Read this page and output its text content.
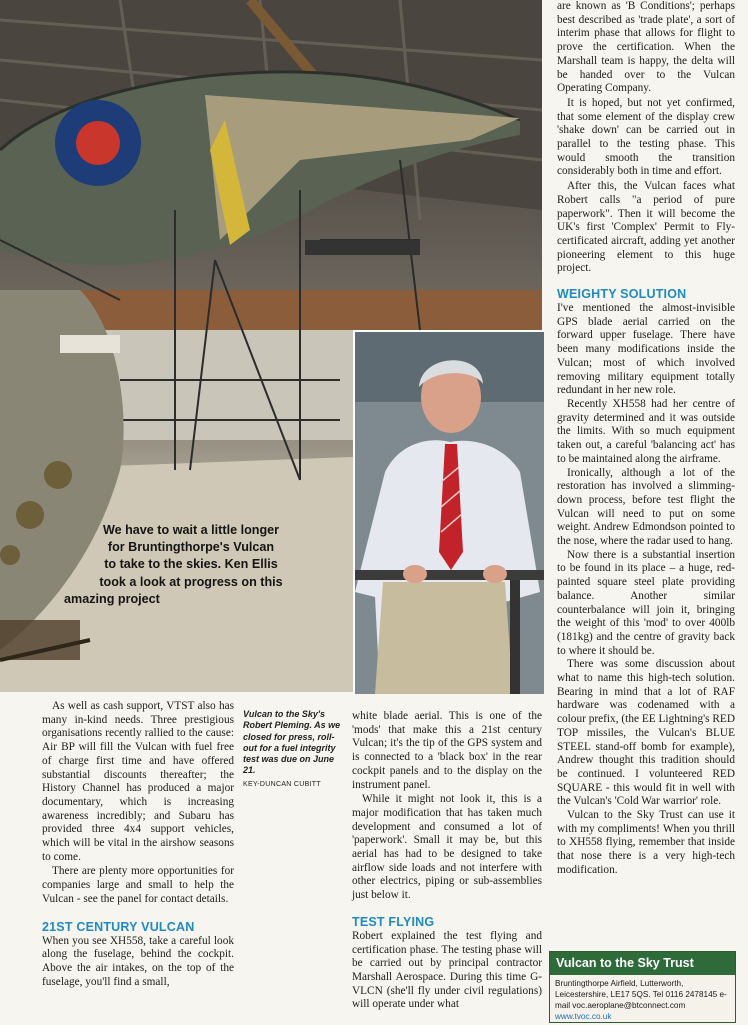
We have to wait a little longer
for Bruntingthorpe's Vulcan
to take to the skies. Ken Ellis
took a look at progress on this
amazing project

As well as cash support, VTST also has many in-kind needs. Three prestigious organisations recently rallied to the cause: Air BP will fill the Vulcan with fuel free of charge first time and have offered substantial discounts thereafter; the History Channel has produced a major documentary, which is increasing awareness incredibly; and Subaru has provided three 4x4 support vehicles, which will be vital in the airshow seasons to come.

There are plenty more opportunities for companies large and small to help the Vulcan - see the panel for contact details.

21ST CENTURY VULCAN

When you see XH558, take a careful look along the fuselage, behind the cockpit. Above the air intakes, on the top of the fuselage, you'll find a small,

Vulcan to the Sky's Robert Pleming. As we closed for press, roll-out for a fuel integrity test was due on June 21.
KEY-DUNCAN CUBITT

white blade aerial. This is one of the 'mods' that make this a 21st century Vulcan; it's the tip of the GPS system and is connected to a 'black box' in the rear cockpit panels and to the display on the instrument panel.

While it might not look it, this is a major modification that has taken much development and consumed a lot of 'paperwork'. Small it may be, but this aerial has had to be designed to take airflow side loads and not interfere with other electrics, piping or sub-assemblies just below it.

TEST FLYING

Robert explained the test flying and certification phase. The testing phase will be carried out by principal contractor Marshall Aerospace. During this time G-VLCN (she'll fly under civil regulations) will operate under what

are known as 'B Conditions'; perhaps best described as 'trade plate', a sort of interim phase that allows for flight to prove the certification. When the Marshall team is happy, the delta will be handed over to the Vulcan Operating Company.

It is hoped, but not yet confirmed, that some element of the display crew 'shake down' can be carried out in parallel to the testing phase. This would smooth the transition considerably both in time and effort.

After this, the Vulcan faces what Robert calls "a period of pure paperwork". Then it will become the UK's first 'Complex' Permit to Fly-certificated aircraft, adding yet another pioneering element to this huge project.

WEIGHTY SOLUTION

I've mentioned the almost-invisible GPS blade aerial carried on the forward upper fuselage. There have been many modifications inside the Vulcan; most of which involved removing military equipment totally redundant in her new role.

Recently XH558 had her centre of gravity determined and it was outside the limits. With so much equipment taken out, a careful 'balancing act' has to be maintained along the airframe.

Ironically, although a lot of the restoration has involved a slimming-down process, before test flight the Vulcan will need to put on some weight. Andrew Edmondson pointed to the nose, where the radar used to hang.

Now there is a substantial insertion to be found in its place – a huge, red-painted square steel plate providing balance. Another similar counterbalance will join it, bringing the weight of this 'mod' to over 400lb (181kg) and the centre of gravity back to where it should be.

There was some discussion about what to name this high-tech solution. Bearing in mind that a lot of RAF hardware was codenamed with a colour prefix, (the EE Lightning's RED TOP missiles, the Vulcan's BLUE STEEL stand-off bomb for example), Andrew thought this tradition should be continued. I volunteered RED SQUARE - this would fit in well with the Vulcan's 'Cold War warrior' role.

Vulcan to the Sky Trust can use it with my compliments! When you thrill to XH558 flying, remember that inside that nose there is a very high-tech modification.

Vulcan to the Sky Trust
Bruntingthorpe Airfield, Lutterworth, Leicestershire, LE17 5QS. Tel 0116 2478145 e-mail voc.aeroplane@btconnect.com www.tvoc.co.uk
